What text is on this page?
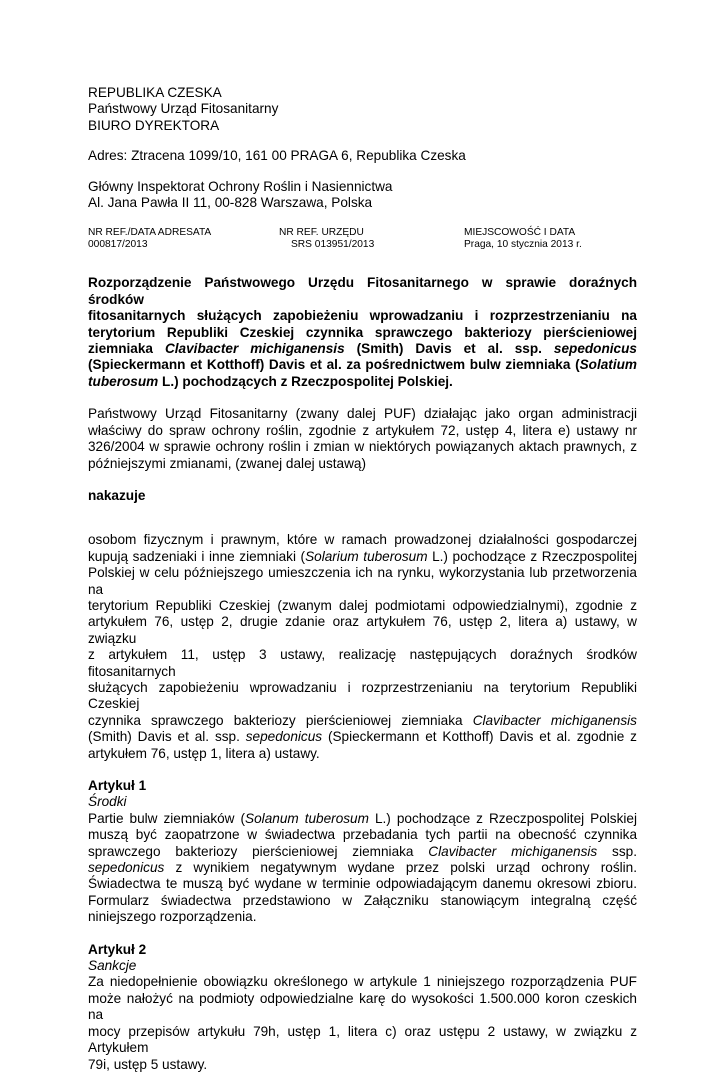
REPUBLIKA CZESKA
Państwowy Urząd Fitosanitarny
BIURO DYREKTORA
Adres: Ztracena 1099/10, 161 00 PRAGA 6, Republika Czeska
Główny Inspektorat Ochrony Roślin i Nasiennictwa
Al. Jana Pawła II 11, 00-828 Warszawa, Polska
NR REF./DATA ADRESATA
000817/2013
NR REF. URZĘDU
SRS 013951/2013
MIEJSCOWOŚĆ I DATA
Praga, 10 stycznia 2013 r.
Rozporządzenie Państwowego Urzędu Fitosanitarnego w sprawie doraźnych środków
fitosanitarnych służących zapobieżeniu wprowadzaniu i rozprzestrzenianiu na
terytorium Republiki Czeskiej czynnika sprawczego bakteriozy pierścieniowej
ziemniaka Clavibacter michiganensis (Smith) Davis et al. ssp. sepedonicus
(Spieckermann et Kotthoff) Davis et al. za pośrednictwem bulw ziemniaka (Solatium
tuberosum L.) pochodzących z Rzeczpospolitej Polskiej.
Państwowy Urząd Fitosanitarny (zwany dalej PUF) działając jako organ administracji
właściwy do spraw ochrony roślin, zgodnie z artykułem 72, ustęp 4, litera e) ustawy nr
326/2004 w sprawie ochrony roślin i zmian w niektórych powiązanych aktach prawnych, z
późniejszymi zmianami, (zwanej dalej ustawą)
nakazuje
osobom fizycznym i prawnym, które w ramach prowadzonej działalności gospodarczej
kupują sadzeniaki i inne ziemniaki (Solarium tuberosum L.) pochodzące z Rzeczpospolitej
Polskiej w celu późniejszego umieszczenia ich na rynku, wykorzystania lub przetworzenia na
terytorium Republiki Czeskiej (zwanym dalej podmiotami odpowiedzialnymi), zgodnie z
artykułem 76, ustęp 2, drugie zdanie oraz artykułem 76, ustęp 2, litera a) ustawy, w związku
z artykułem 11, ustęp 3 ustawy, realizację następujących doraźnych środków fitosanitarnych
służących zapobieżeniu wprowadzaniu i rozprzestrzenianiu na terytorium Republiki Czeskiej
czynnika sprawczego bakteriozy pierścieniowej ziemniaka Clavibacter michiganensis
(Smith) Davis et al. ssp. sepedonicus (Spieckermann et Kotthoff) Davis et al. zgodnie z
artykułem 76, ustęp 1, litera a) ustawy.
Artykuł 1
Środki
Partie bulw ziemniaków (Solanum tuberosum L.) pochodzące z Rzeczpospolitej Polskiej
muszą być zaopatrzone w świadectwa przebadania tych partii na obecność czynnika
sprawczego bakteriozy pierścieniowej ziemniaka Clavibacter michiganensis ssp.
sepedonicus z wynikiem negatywnym wydane przez polski urząd ochrony roślin.
Świadectwa te muszą być wydane w terminie odpowiadającym danemu okresowi zbioru.
Formularz świadectwa przedstawiono w Załączniku stanowiącym integralną część
niniejszego rozporządzenia.
Artykuł 2
Sankcje
Za niedopełnienie obowiązku określonego w artykule 1 niniejszego rozporządzenia PUF
może nałożyć na podmioty odpowiedzialne karę do wysokości 1.500.000 koron czeskich na
mocy przepisów artykułu 79h, ustęp 1, litera c) oraz ustępu 2 ustawy, w związku z Artykułem
79i, ustęp 5 ustawy.
